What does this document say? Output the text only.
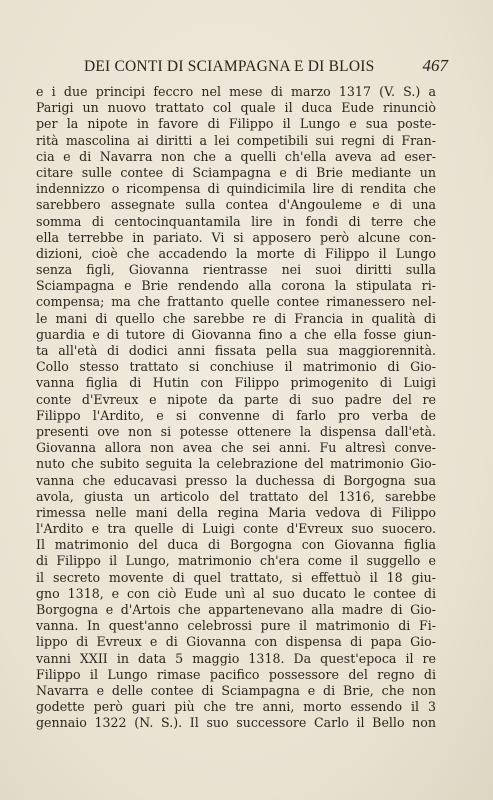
DEI CONTI DI SCIAMPAGNA E DI BLOIS	467
e i due principi feccro nel mese di marzo 1317 (V. S.) a
Parigi un nuovo trattato col quale il duca Eude rinunciò
per la nipote in favore di Filippo il Lungo e sua poste-
rità mascolina ai diritti a lei competibili sui regni di Fran-
cia e di Navarra non che a quelli ch'ella aveva ad eser-
citare sulle contee di Sciampagna e di Brie mediante un
indennizzo o ricompensa di quindicimila lire di rendita che
sarebbero assegnate sulla contea d'Angouleme e di una
somma di centocinquantamila lire in fondi di terre che
ella terrebbe in pariato. Vi si apposero però alcune con-
dizioni, cioè che accadendo la morte di Filippo il Lungo
senza figli, Giovanna rientrasse nei suoi diritti sulla
Sciampagna e Brie rendendo alla corona la stipulata ri-
compensa; ma che frattanto quelle contee rimanessero nel-
le mani di quello che sarebbe re di Francia in qualità di
guardia e di tutore di Giovanna fino a che ella fosse giun-
ta all'età di dodici anni fissata pella sua maggiorennità.
Collo stesso trattato si conchiuse il matrimonio di Gio-
vanna figlia di Hutin con Filippo primogenito di Luigi
conte d'Evreux e nipote da parte di suo padre del re
Filippo l'Ardito, e si convenne di farlo pro verba de
presenti ove non si potesse ottenere la dispensa dall'età.
Giovanna allora non avea che sei anni. Fu altresì conve-
nuto che subito seguita la celebrazione del matrimonio Gio-
vanna che educavasi presso la duchessa di Borgogna sua
avola, giusta un articolo del trattato del 1316, sarebbe
rimessa nelle mani della regina Maria vedova di Filippo
l'Ardito e tra quelle di Luigi conte d'Evreux suo suocero.
Il matrimonio del duca di Borgogna con Giovanna figlia
di Filippo il Lungo, matrimonio ch'era come il suggello e
il secreto movente di quel trattato, si effettuò il 18 giu-
gno 1318, e con ciò Eude unì al suo ducato le contee di
Borgogna e d'Artois che appartenevano alla madre di Gio-
vanna. In quest'anno celebrossi pure il matrimonio di Fi-
lippo di Evreux e di Giovanna con dispensa di papa Gio-
vanni XXII in data 5 maggio 1318. Da quest'epoca il re
Filippo il Lungo rimase pacifico possessore del regno di
Navarra e delle contee di Sciampagna e di Brie, che non
godette però guari più che tre anni, morto essendo il 3
gennaio 1322 (N. S.). Il suo successore Carlo il Bello non
